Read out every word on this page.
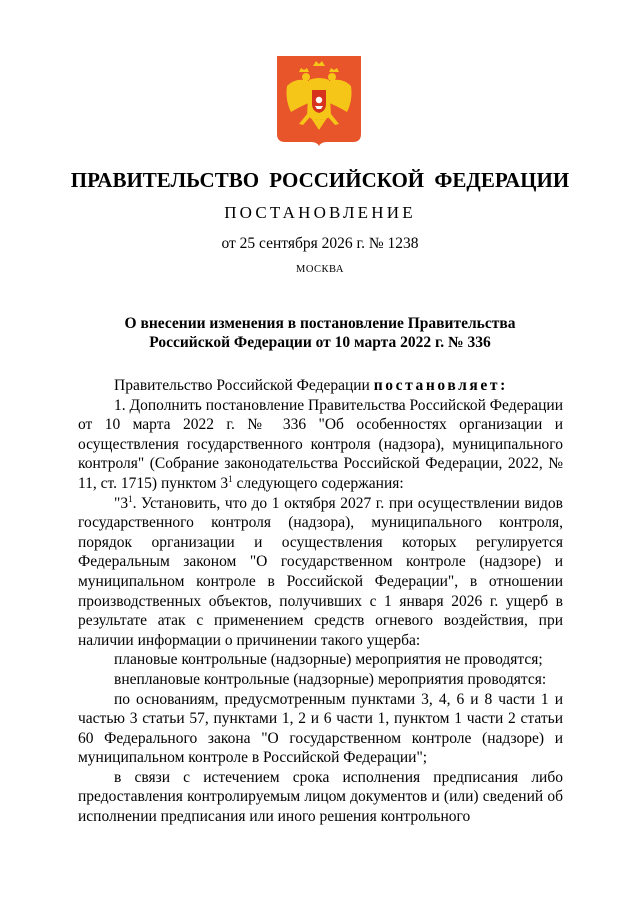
ПРАВИТЕЛЬСТВО РОССИЙСКОЙ ФЕДЕРАЦИИ
ПОСТАНОВЛЕНИЕ
от 25 сентября 2026 г. № 1238
МОСКВА
О внесении изменения в постановление Правительства
Российской Федерации от 10 марта 2022 г. № 336

Правительство Российской Федерации постановляет:

1. Дополнить постановление Правительства Российской Федерации от 10 марта 2022 г. № 336 "Об особенностях организации и осуществления государственного контроля (надзора), муниципального контроля" (Собрание законодательства Российской Федерации, 2022, № 11, ст. 1715) пунктом $3^1$ следующего содержания:

"$3^1$. Установить, что до 1 октября 2027 г. при осуществлении видов государственного контроля (надзора), муниципального контроля, порядок организации и осуществления которых регулируется Федеральным законом "О государственном контроле (надзоре) и муниципальном контроле в Российской Федерации", в отношении производственных объектов, получивших с 1 января 2026 г. ущерб в результате атак с применением средств огневого воздействия, при наличии информации о причинении такого ущерба:

плановые контрольные (надзорные) мероприятия не проводятся;

внеплановые контрольные (надзорные) мероприятия проводятся:

по основаниям, предусмотренным пунктами 3, 4, 6 и 8 части 1 и частью 3 статьи 57, пунктами 1, 2 и 6 части 1, пунктом 1 части 2 статьи 60 Федерального закона "О государственном контроле (надзоре) и муниципальном контроле в Российской Федерации";

в связи с истечением срока исполнения предписания либо предоставления контролируемым лицом документов и (или) сведений об исполнении предписания или иного решения контрольного
